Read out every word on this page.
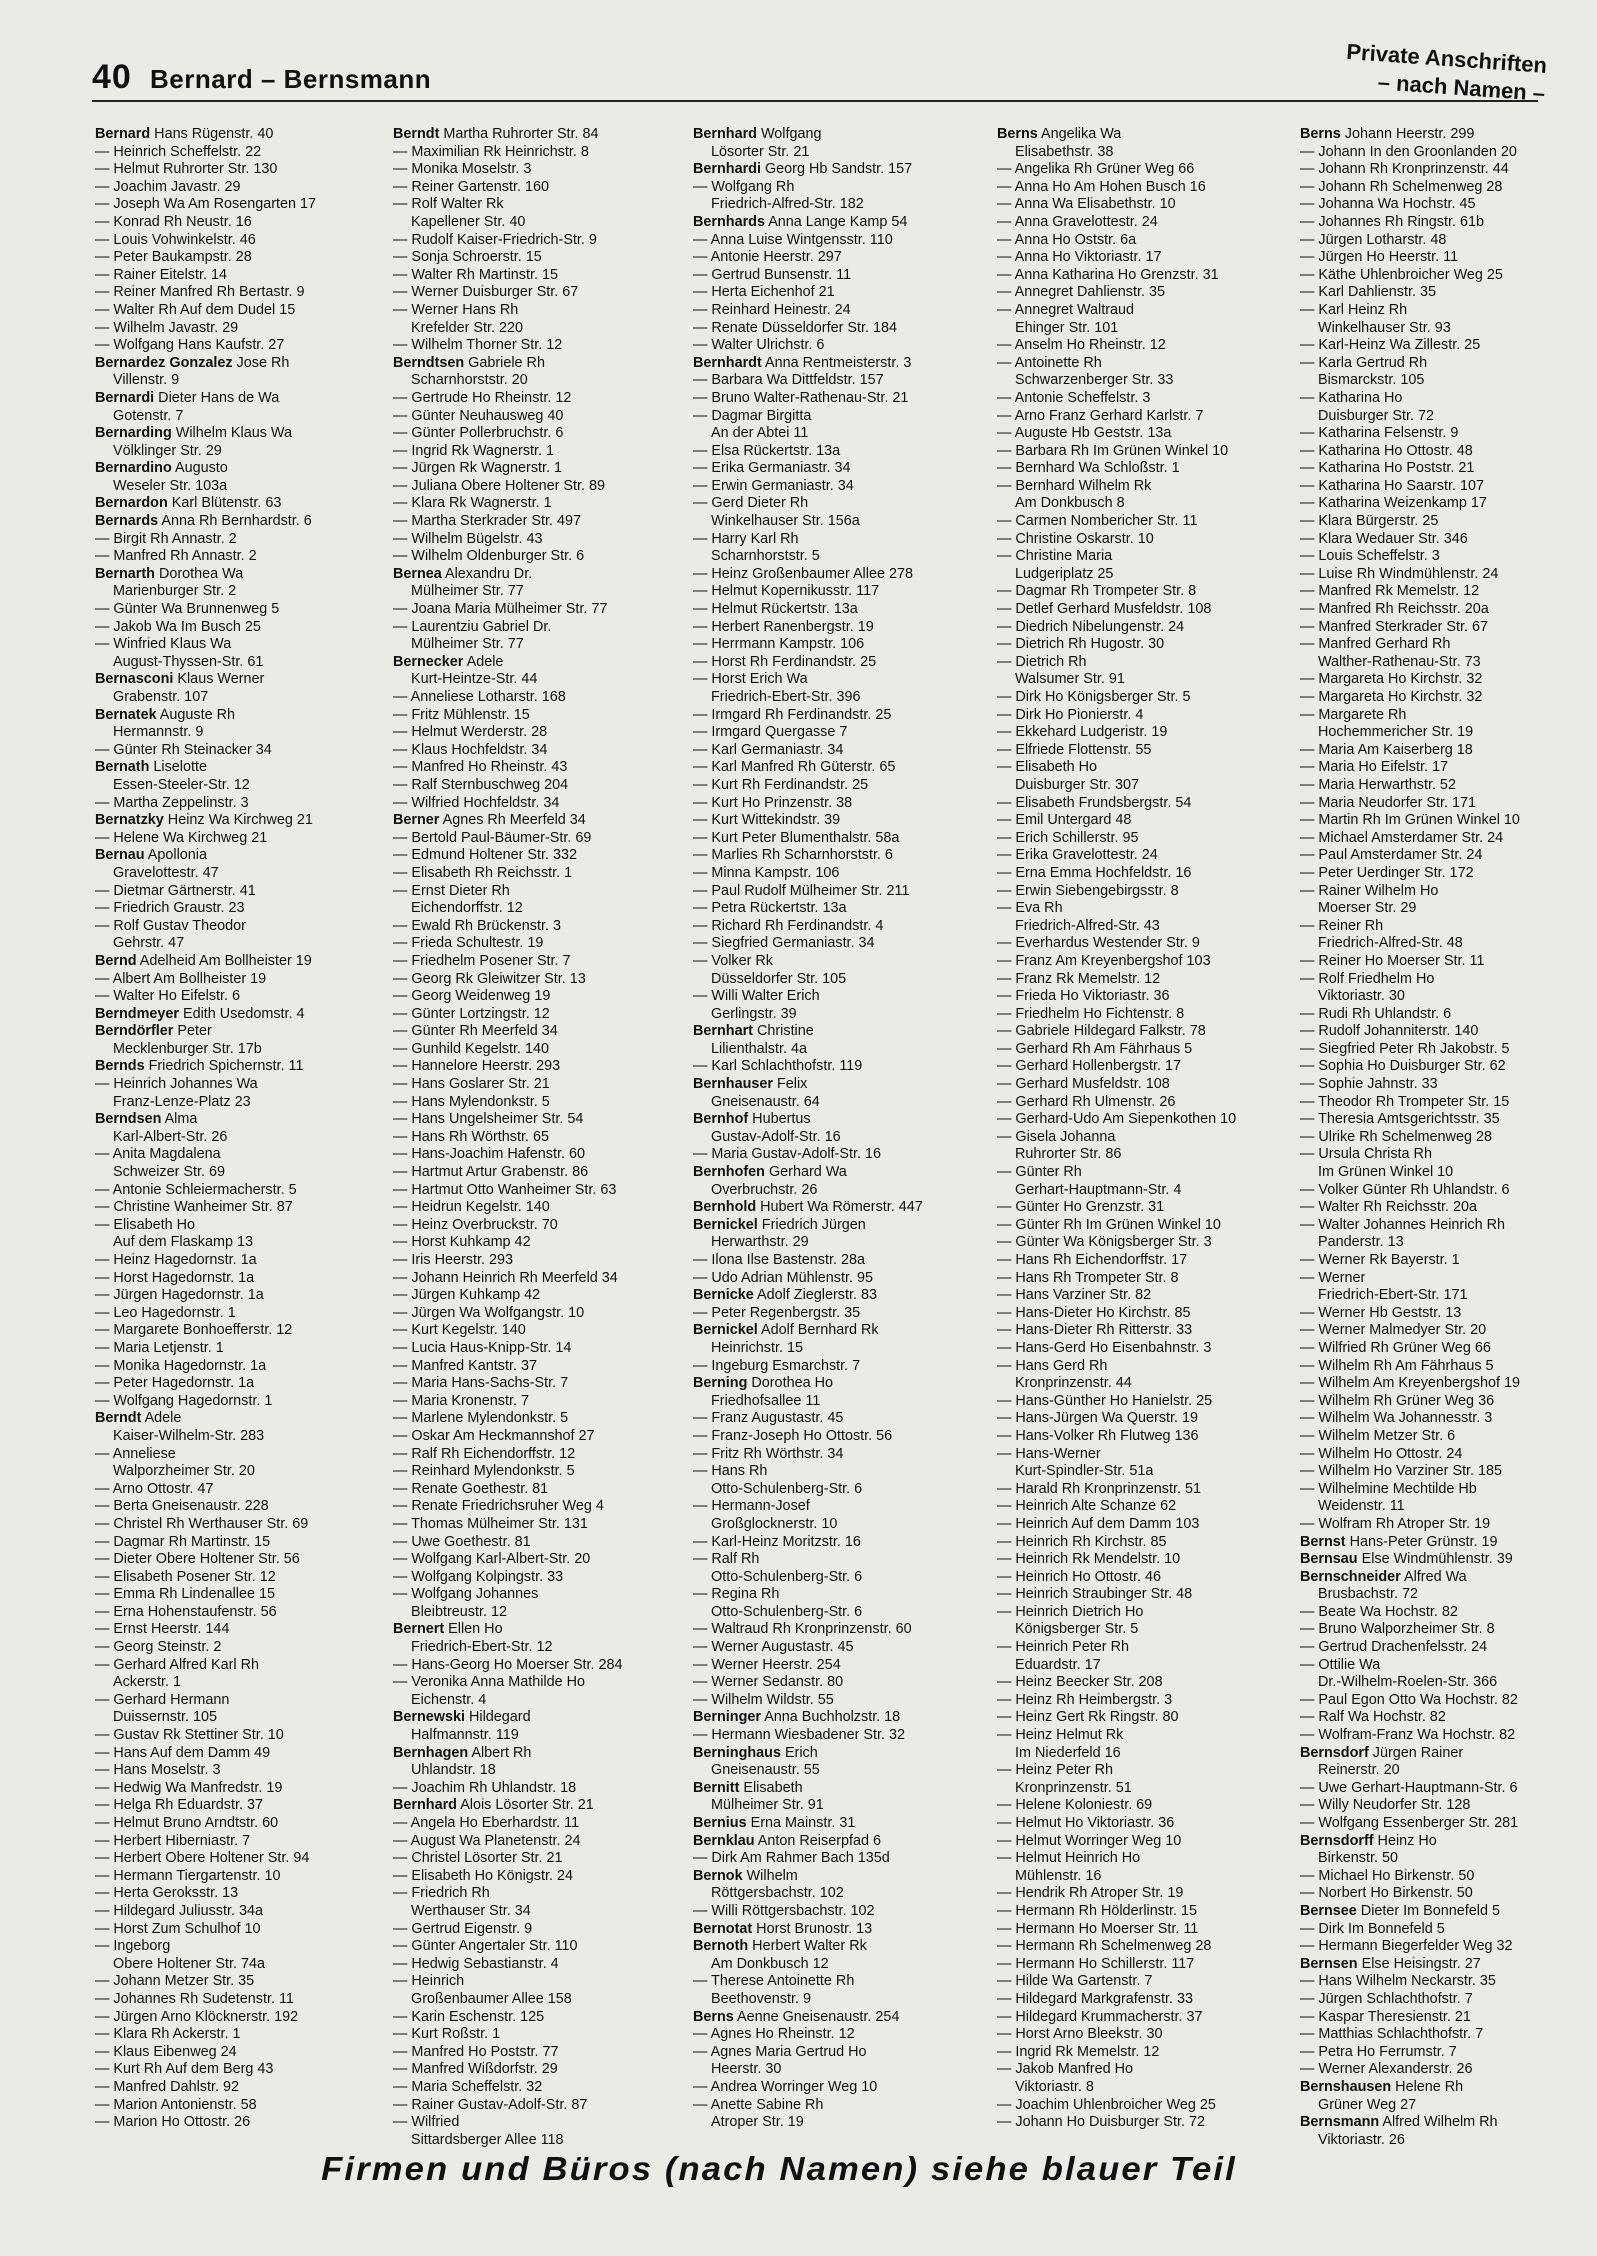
40 Bernard – Bernsmann
Private Anschriften
– nach Namen –
Bernard Hans Rügenstr. 40
— Heinrich Scheffelstr. 22
— Helmut Ruhrorter Str. 130
— Joachim Javastr. 29
— Joseph Wa Am Rosengarten 17
— Konrad Rh Neustr. 16
— Louis Vohwinkelstr. 46
— Peter Baukampstr. 28
— Rainer Eitelstr. 14
— Reiner Manfred Rh Bertastr. 9
— Walter Rh Auf dem Dudel 15
— Wilhelm Javastr. 29
— Wolfgang Hans Kaufstr. 27
Bernardez Gonzalez Jose Rh
Villenstr. 9
Bernardi Dieter Hans de Wa
Gotenstr. 7
Bernarding Wilhelm Klaus Wa
Völklinger Str. 29
Bernardino Augusto
Weseler Str. 103a
Bernardon Karl Blütenstr. 63
Bernards Anna Rh Bernhardstr. 6
— Birgit Rh Annastr. 2
— Manfred Rh Annastr. 2
Bernarth Dorothea Wa
Marienburger Str. 2
— Günter Wa Brunnenweg 5
— Jakob Wa Im Busch 25
— Winfried Klaus Wa
August-Thyssen-Str. 61
Bernasconi Klaus Werner
Grabenstr. 107
Bernatek Auguste Rh
Hermannstr. 9
— Günter Rh Steinacker 34
Bernath Liselotte
Essen-Steeler-Str. 12
— Martha Zeppelinstr. 3
Bernatzky Heinz Wa Kirchweg 21
— Helene Wa Kirchweg 21
Bernau Apollonia
Gravelottestr. 47
— Dietmar Gärtnerstr. 41
— Friedrich Graustr. 23
— Rolf Gustav Theodor
Gehrstr. 47
Bernd Adelheid Am Bollheister 19
— Albert Am Bollheister 19
— Walter Ho Eifelstr. 6
Berndmeyer Edith Usedomstr. 4
Berndörfler Peter
Mecklenburger Str. 17b
Bernds Friedrich Spichernstr. 11
— Heinrich Johannes Wa
Franz-Lenze-Platz 23
Berndsen Alma
Karl-Albert-Str. 26
— Anita Magdalena
Schweizer Str. 69
— Antonie Schleiermacherstr. 5
— Christine Wanheimer Str. 87
— Elisabeth Ho
Auf dem Flaskamp 13
— Heinz Hagedornstr. 1a
— Horst Hagedornstr. 1a
— Jürgen Hagedornstr. 1a
— Leo Hagedornstr. 1
— Margarete Bonhoefferstr. 12
— Maria Letjenstr. 1
— Monika Hagedornstr. 1a
— Peter Hagedornstr. 1a
— Wolfgang Hagedornstr. 1
Berndt Adele
Kaiser-Wilhelm-Str. 283
— Anneliese
Walporzheimer Str. 20
— Arno Ottostr. 47
— Berta Gneisenaustr. 228
— Christel Rh Werthauser Str. 69
— Dagmar Rh Martinstr. 15
— Dieter Obere Holtener Str. 56
— Elisabeth Posener Str. 12
— Emma Rh Lindenallee 15
— Erna Hohenstaufenstr. 56
— Ernst Heerstr. 144
— Georg Steinstr. 2
— Gerhard Alfred Karl Rh
Ackerstr. 1
— Gerhard Hermann
Duissernstr. 105
— Gustav Rk Stettiner Str. 10
— Hans Auf dem Damm 49
— Hans Moselstr. 3
— Hedwig Wa Manfredstr. 19
— Helga Rh Eduardstr. 37
— Helmut Bruno Arndtstr. 60
— Herbert Hiberniastr. 7
— Herbert Obere Holtener Str. 94
— Hermann Tiergartenstr. 10
— Herta Geroksstr. 13
— Hildegard Juliusstr. 34a
— Horst Zum Schulhof 10
— Ingeborg
Obere Holtener Str. 74a
— Johann Metzer Str. 35
— Johannes Rh Sudetenstr. 11
— Jürgen Arno Klöcknerstr. 192
— Klara Rh Ackerstr. 1
— Klaus Eibenweg 24
— Kurt Rh Auf dem Berg 43
— Manfred Dahlstr. 92
— Marion Antonienstr. 58
— Marion Ho Ottostr. 26
Berndt Martha Ruhrorter Str. 84
— Maximilian Rk Heinrichstr. 8
— Monika Moselstr. 3
— Reiner Gartenstr. 160
— Rolf Walter Rk
Kapellener Str. 40
— Rudolf Kaiser-Friedrich-Str. 9
— Sonja Schroerstr. 15
— Walter Rh Martinstr. 15
— Werner Duisburger Str. 67
— Werner Hans Rh
Krefelder Str. 220
— Wilhelm Thorner Str. 12
Berndtsen Gabriele Rh
Scharnhorststr. 20
— Gertrude Ho Rheinstr. 12
— Günter Neuhausweg 40
— Günter Pollerbruchstr. 6
— Ingrid Rk Wagnerstr. 1
— Jürgen Rk Wagnerstr. 1
— Juliana Obere Holtener Str. 89
— Klara Rk Wagnerstr. 1
— Martha Sterkrader Str. 497
— Wilhelm Bügelstr. 43
— Wilhelm Oldenburger Str. 6
Bernea Alexandru Dr.
Mülheimer Str. 77
— Joana Maria Mülheimer Str. 77
— Laurentziu Gabriel Dr.
Mülheimer Str. 77
Bernecker Adele
Kurt-Heintze-Str. 44
— Anneliese Lotharstr. 168
— Fritz Mühlenstr. 15
— Helmut Werderstr. 28
— Klaus Hochfeldstr. 34
— Manfred Ho Rheinstr. 43
— Ralf Sternbuschweg 204
— Wilfried Hochfeldstr. 34
Berner Agnes Rh Meerfeld 34
— Bertold Paul-Bäumer-Str. 69
— Edmund Holtener Str. 332
— Elisabeth Rh Reichsstr. 1
— Ernst Dieter Rh
Eichendorffstr. 12
— Ewald Rh Brückenstr. 3
— Frieda Schultestr. 19
— Friedhelm Posener Str. 7
— Georg Rk Gleiwitzer Str. 13
— Georg Weidenweg 19
— Günter Lortzingstr. 12
— Günter Rh Meerfeld 34
— Gunhild Kegelstr. 140
— Hannelore Heerstr. 293
— Hans Goslarer Str. 21
— Hans Mylendonkstr. 5
— Hans Ungelsheimer Str. 54
— Hans Rh Wörthstr. 65
— Hans-Joachim Hafenstr. 60
— Hartmut Artur Grabenstr. 86
— Hartmut Otto Wanheimer Str. 63
— Heidrun Kegelstr. 140
— Heinz Overbruckstr. 70
— Horst Kuhkamp 42
— Iris Heerstr. 293
— Johann Heinrich Rh Meerfeld 34
— Jürgen Kuhkamp 42
— Jürgen Wa Wolfgangstr. 10
— Kurt Kegelstr. 140
— Lucia Haus-Knipp-Str. 14
— Manfred Kantstr. 37
— Maria Hans-Sachs-Str. 7
— Maria Kronenstr. 7
— Marlene Mylendonkstr. 5
— Oskar Am Heckmannshof 27
— Ralf Rh Eichendorffstr. 12
— Reinhard Mylendonkstr. 5
— Renate Goethestr. 81
— Renate Friedrichsruher Weg 4
— Thomas Mülheimer Str. 131
— Uwe Goethestr. 81
— Wolfgang Karl-Albert-Str. 20
— Wolfgang Kolpingstr. 33
— Wolfgang Johannes
Bleibtreustr. 12
Bernert Ellen Ho
Friedrich-Ebert-Str. 12
— Hans-Georg Ho Moerser Str. 284
— Veronika Anna Mathilde Ho
Eichenstr. 4
Bernewski Hildegard
Halfmannstr. 119
Bernhagen Albert Rh
Uhlandstr. 18
— Joachim Rh Uhlandstr. 18
Bernhard Alois Lösorter Str. 21
— Angela Ho Eberhardstr. 11
— August Wa Planetenstr. 24
— Christel Lösorter Str. 21
— Elisabeth Ho Königstr. 24
— Friedrich Rh
Werthauser Str. 34
— Gertrud Eigenstr. 9
— Günter Angertaler Str. 110
— Hedwig Sebastianstr. 4
— Heinrich
Großenbaumer Allee 158
— Karin Eschenstr. 125
— Kurt Roßstr. 1
— Manfred Ho Poststr. 77
— Manfred Wißdorfstr. 29
— Maria Scheffelstr. 32
— Rainer Gustav-Adolf-Str. 87
— Wilfried
Sittardsberger Allee 118
Bernhard Wolfgang
Lösorter Str. 21
Bernhardi Georg Hb Sandstr. 157
— Wolfgang Rh
Friedrich-Alfred-Str. 182
Bernhards Anna Lange Kamp 54
— Anna Luise Wintgensstr. 110
— Antonie Heerstr. 297
— Gertrud Bunsenstr. 11
— Herta Eichenhof 21
— Reinhard Heinestr. 24
— Renate Düsseldorfer Str. 184
— Walter Ulrichstr. 6
Bernhardt Anna Rentmeisterstr. 3
— Barbara Wa Dittfeldstr. 157
— Bruno Walter-Rathenau-Str. 21
— Dagmar Birgitta
An der Abtei 11
— Elsa Rückertstr. 13a
— Erika Germaniastr. 34
— Erwin Germaniastr. 34
— Gerd Dieter Rh
Winkelhauser Str. 156a
— Harry Karl Rh
Scharnhorststr. 5
— Heinz Großenbaumer Allee 278
— Helmut Kopernikusstr. 117
— Helmut Rückertstr. 13a
— Herbert Ranenbergstr. 19
— Herrmann Kampstr. 106
— Horst Rh Ferdinandstr. 25
— Horst Erich Wa
Friedrich-Ebert-Str. 396
— Irmgard Rh Ferdinandstr. 25
— Irmgard Quergasse 7
— Karl Germaniastr. 34
— Karl Manfred Rh Güterstr. 65
— Kurt Rh Ferdinandstr. 25
— Kurt Ho Prinzenstr. 38
— Kurt Wittekindstr. 39
— Kurt Peter Blumenthalstr. 58a
— Marlies Rh Scharnhorststr. 6
— Minna Kampstr. 106
— Paul Rudolf Mülheimer Str. 211
— Petra Rückertstr. 13a
— Richard Rh Ferdinandstr. 4
— Siegfried Germaniastr. 34
— Volker Rk
Düsseldorfer Str. 105
— Willi Walter Erich
Gerlingstr. 39
Bernhart Christine
Lilienthalstr. 4a
— Karl Schlachthofstr. 119
Bernhauser Felix
Gneisenaustr. 64
Bernhof Hubertus
Gustav-Adolf-Str. 16
— Maria Gustav-Adolf-Str. 16
Bernhofen Gerhard Wa
Overbruchstr. 26
Bernhold Hubert Wa Römerstr. 447
Bernickel Friedrich Jürgen
Herwarthstr. 29
— Ilona Ilse Bastenstr. 28a
— Udo Adrian Mühlenstr. 95
Bernicke Adolf Zieglerstr. 83
— Peter Regenbergstr. 35
Bernickel Adolf Bernhard Rk
Heinrichstr. 15
— Ingeburg Esmarchstr. 7
Berning Dorothea Ho
Friedhofsallee 11
— Franz Augustastr. 45
— Franz-Joseph Ho Ottostr. 56
— Fritz Rh Wörthstr. 34
— Hans Rh
Otto-Schulenberg-Str. 6
— Hermann-Josef
Großglocknerstr. 10
— Karl-Heinz Moritzstr. 16
— Ralf Rh
Otto-Schulenberg-Str. 6
— Regina Rh
Otto-Schulenberg-Str. 6
— Waltraud Rh Kronprinzenstr. 60
— Werner Augustastr. 45
— Werner Heerstr. 254
— Werner Sedanstr. 80
— Wilhelm Wildstr. 55
Berninger Anna Buchholzstr. 18
— Hermann Wiesbadener Str. 32
Berninghaus Erich
Gneisenaustr. 55
Bernitt Elisabeth
Mülheimer Str. 91
Bernius Erna Mainstr. 31
Bernklau Anton Reiserpfad 6
— Dirk Am Rahmer Bach 135d
Bernok Wilhelm
Röttgersbachstr. 102
— Willi Röttgersbachstr. 102
Bernotat Horst Brunostr. 13
Bernoth Herbert Walter Rk
Am Donkbusch 12
— Therese Antoinette Rh
Beethovenstr. 9
Berns Aenne Gneisenaustr. 254
— Agnes Ho Rheinstr. 12
— Agnes Maria Gertrud Ho
Heerstr. 30
— Andrea Worringer Weg 10
— Anette Sabine Rh
Atroper Str. 19
Berns Angelika Wa
Elisabethstr. 38
— Angelika Rh Grüner Weg 66
— Anna Ho Am Hohen Busch 16
— Anna Wa Elisabethstr. 10
— Anna Gravelottestr. 24
— Anna Ho Oststr. 6a
— Anna Ho Viktoriastr. 17
— Anna Katharina Ho Grenzstr. 31
— Annegret Dahlienstr. 35
— Annegret Waltraud
Ehinger Str. 101
— Anselm Ho Rheinstr. 12
— Antoinette Rh
Schwarzenberger Str. 33
— Antonie Scheffelstr. 3
— Arno Franz Gerhard Karlstr. 7
— Auguste Hb Geststr. 13a
— Barbara Rh Im Grünen Winkel 10
— Bernhard Wa Schloßstr. 1
— Bernhard Wilhelm Rk
Am Donkbusch 8
— Carmen Nombericher Str. 11
— Christine Oskarstr. 10
— Christine Maria
Ludgeriplatz 25
— Dagmar Rh Trompeter Str. 8
— Detlef Gerhard Musfeldstr. 108
— Diedrich Nibelungenstr. 24
— Dietrich Rh Hugostr. 30
— Dietrich Rh
Walsumer Str. 91
— Dirk Ho Königsberger Str. 5
— Dirk Ho Pionierstr. 4
— Ekkehard Ludgeristr. 19
— Elfriede Flottenstr. 55
— Elisabeth Ho
Duisburger Str. 307
— Elisabeth Frundsbergstr. 54
— Emil Untergard 48
— Erich Schillerstr. 95
— Erika Gravelottestr. 24
— Erna Emma Hochfeldstr. 16
— Erwin Siebengebirgsstr. 8
— Eva Rh
Friedrich-Alfred-Str. 43
— Everhardus Westender Str. 9
— Franz Am Kreyenbergshof 103
— Franz Rk Memelstr. 12
— Frieda Ho Viktoriastr. 36
— Friedhelm Ho Fichtenstr. 8
— Gabriele Hildegard Falkstr. 78
— Gerhard Rh Am Fährhaus 5
— Gerhard Hollenbergstr. 17
— Gerhard Musfeldstr. 108
— Gerhard Rh Ulmenstr. 26
— Gerhard-Udo Am Siepenkothen 10
— Gisela Johanna
Ruhrorter Str. 86
— Günter Rh
Gerhart-Hauptmann-Str. 4
— Günter Ho Grenzstr. 31
— Günter Rh Im Grünen Winkel 10
— Günter Wa Königsberger Str. 3
— Hans Rh Eichendorffstr. 17
— Hans Rh Trompeter Str. 8
— Hans Varziner Str. 82
— Hans-Dieter Ho Kirchstr. 85
— Hans-Dieter Rh Ritterstr. 33
— Hans-Gerd Ho Eisenbahnstr. 3
— Hans Gerd Rh
Kronprinzenstr. 44
— Hans-Günther Ho Hanielstr. 25
— Hans-Jürgen Wa Querstr. 19
— Hans-Volker Rh Flutweg 136
— Hans-Werner
Kurt-Spindler-Str. 51a
— Harald Rh Kronprinzenstr. 51
— Heinrich Alte Schanze 62
— Heinrich Auf dem Damm 103
— Heinrich Rh Kirchstr. 85
— Heinrich Rk Mendelstr. 10
— Heinrich Ho Ottostr. 46
— Heinrich Straubinger Str. 48
— Heinrich Dietrich Ho
Königsberger Str. 5
— Heinrich Peter Rh
Eduardstr. 17
— Heinz Beecker Str. 208
— Heinz Rh Heimbergstr. 3
— Heinz Gert Rk Ringstr. 80
— Heinz Helmut Rk
Im Niederfeld 16
— Heinz Peter Rh
Kronprinzenstr. 51
— Helene Koloniestr. 69
— Helmut Ho Viktoriastr. 36
— Helmut Worringer Weg 10
— Helmut Heinrich Ho
Mühlenstr. 16
— Hendrik Rh Atroper Str. 19
— Hermann Rh Hölderlinstr. 15
— Hermann Ho Moerser Str. 11
— Hermann Rh Schelmenweg 28
— Hermann Ho Schillerstr. 117
— Hilde Wa Gartenstr. 7
— Hildegard Markgrafenstr. 33
— Hildegard Krummacherstr. 37
— Horst Arno Bleekstr. 30
— Ingrid Rk Memelstr. 12
— Jakob Manfred Ho
Viktoriastr. 8
— Joachim Uhlenbroicher Weg 25
— Johann Ho Duisburger Str. 72
Berns Johann Heerstr. 299
— Johann In den Groonlanden 20
— Johann Rh Kronprinzenstr. 44
— Johann Rh Schelmenweg 28
— Johanna Wa Hochstr. 45
— Johannes Rh Ringstr. 61b
— Jürgen Lotharstr. 48
— Jürgen Ho Heerstr. 11
— Käthe Uhlenbroicher Weg 25
— Karl Dahlienstr. 35
— Karl Heinz Rh
Winkelhauser Str. 93
— Karl-Heinz Wa Zillestr. 25
— Karla Gertrud Rh
Bismarckstr. 105
— Katharina Ho
Duisburger Str. 72
— Katharina Felsenstr. 9
— Katharina Ho Ottostr. 48
— Katharina Ho Poststr. 21
— Katharina Ho Saarstr. 107
— Katharina Weizenkamp 17
— Klara Bürgerstr. 25
— Klara Wedauer Str. 346
— Louis Scheffelstr. 3
— Luise Rh Windmühlenstr. 24
— Manfred Rk Memelstr. 12
— Manfred Rh Reichsstr. 20a
— Manfred Sterkrader Str. 67
— Manfred Gerhard Rh
Walther-Rathenau-Str. 73
— Margareta Ho Kirchstr. 32
— Margareta Ho Kirchstr. 32
— Margarete Rh
Hochemmericher Str. 19
— Maria Am Kaiserberg 18
— Maria Ho Eifelstr. 17
— Maria Herwarthstr. 52
— Maria Neudorfer Str. 171
— Martin Rh Im Grünen Winkel 10
— Michael Amsterdamer Str. 24
— Paul Amsterdamer Str. 24
— Peter Uerdinger Str. 172
— Rainer Wilhelm Ho
Moerser Str. 29
— Reiner Rh
Friedrich-Alfred-Str. 48
— Reiner Ho Moerser Str. 11
— Rolf Friedhelm Ho
Viktoriastr. 30
— Rudi Rh Uhlandstr. 6
— Rudolf Johanniterstr. 140
— Siegfried Peter Rh Jakobstr. 5
— Sophia Ho Duisburger Str. 62
— Sophie Jahnstr. 33
— Theodor Rh Trompeter Str. 15
— Theresia Amtsgerichtsstr. 35
— Ulrike Rh Schelmenweg 28
— Ursula Christa Rh
Im Grünen Winkel 10
— Volker Günter Rh Uhlandstr. 6
— Walter Rh Reichsstr. 20a
— Walter Johannes Heinrich Rh
Panderstr. 13
— Werner Rk Bayerstr. 1
— Werner
Friedrich-Ebert-Str. 171
— Werner Hb Geststr. 13
— Werner Malmedyer Str. 20
— Wilfried Rh Grüner Weg 66
— Wilhelm Rh Am Fährhaus 5
— Wilhelm Am Kreyenbergshof 19
— Wilhelm Rh Grüner Weg 36
— Wilhelm Wa Johannesstr. 3
— Wilhelm Metzer Str. 6
— Wilhelm Ho Ottostr. 24
— Wilhelm Ho Varziner Str. 185
— Wilhelmine Mechtilde Hb
Weidenstr. 11
— Wolfram Rh Atroper Str. 19
Bernst Hans-Peter Grünstr. 19
Bernsau Else Windmühlenstr. 39
Bernschneider Alfred Wa
Brusbachstr. 72
— Beate Wa Hochstr. 82
— Bruno Walporzheimer Str. 8
— Gertrud Drachenfelsstr. 24
— Ottilie Wa
Dr.-Wilhelm-Roelen-Str. 366
— Paul Egon Otto Wa Hochstr. 82
— Ralf Wa Hochstr. 82
— Wolfram-Franz Wa Hochstr. 82
Bernsdorf Jürgen Rainer
Reinerstr. 20
— Uwe Gerhart-Hauptmann-Str. 6
— Willy Neudorfer Str. 128
— Wolfgang Essenberger Str. 281
Bernsdorff Heinz Ho
Birkenstr. 50
— Michael Ho Birkenstr. 50
— Norbert Ho Birkenstr. 50
Bernsee Dieter Im Bonnefeld 5
— Dirk Im Bonnefeld 5
— Hermann Biegerfelder Weg 32
Bernsen Else Heisingstr. 27
— Hans Wilhelm Neckarstr. 35
— Jürgen Schlachthofstr. 7
— Kaspar Theresienstr. 21
— Matthias Schlachthofstr. 7
— Petra Ho Ferrumstr. 7
— Werner Alexanderstr. 26
Bernshausen Helene Rh
Grüner Weg 27
Bernsmann Alfred Wilhelm Rh
Viktoriastr. 26
Firmen und Büros (nach Namen) siehe blauer Teil
